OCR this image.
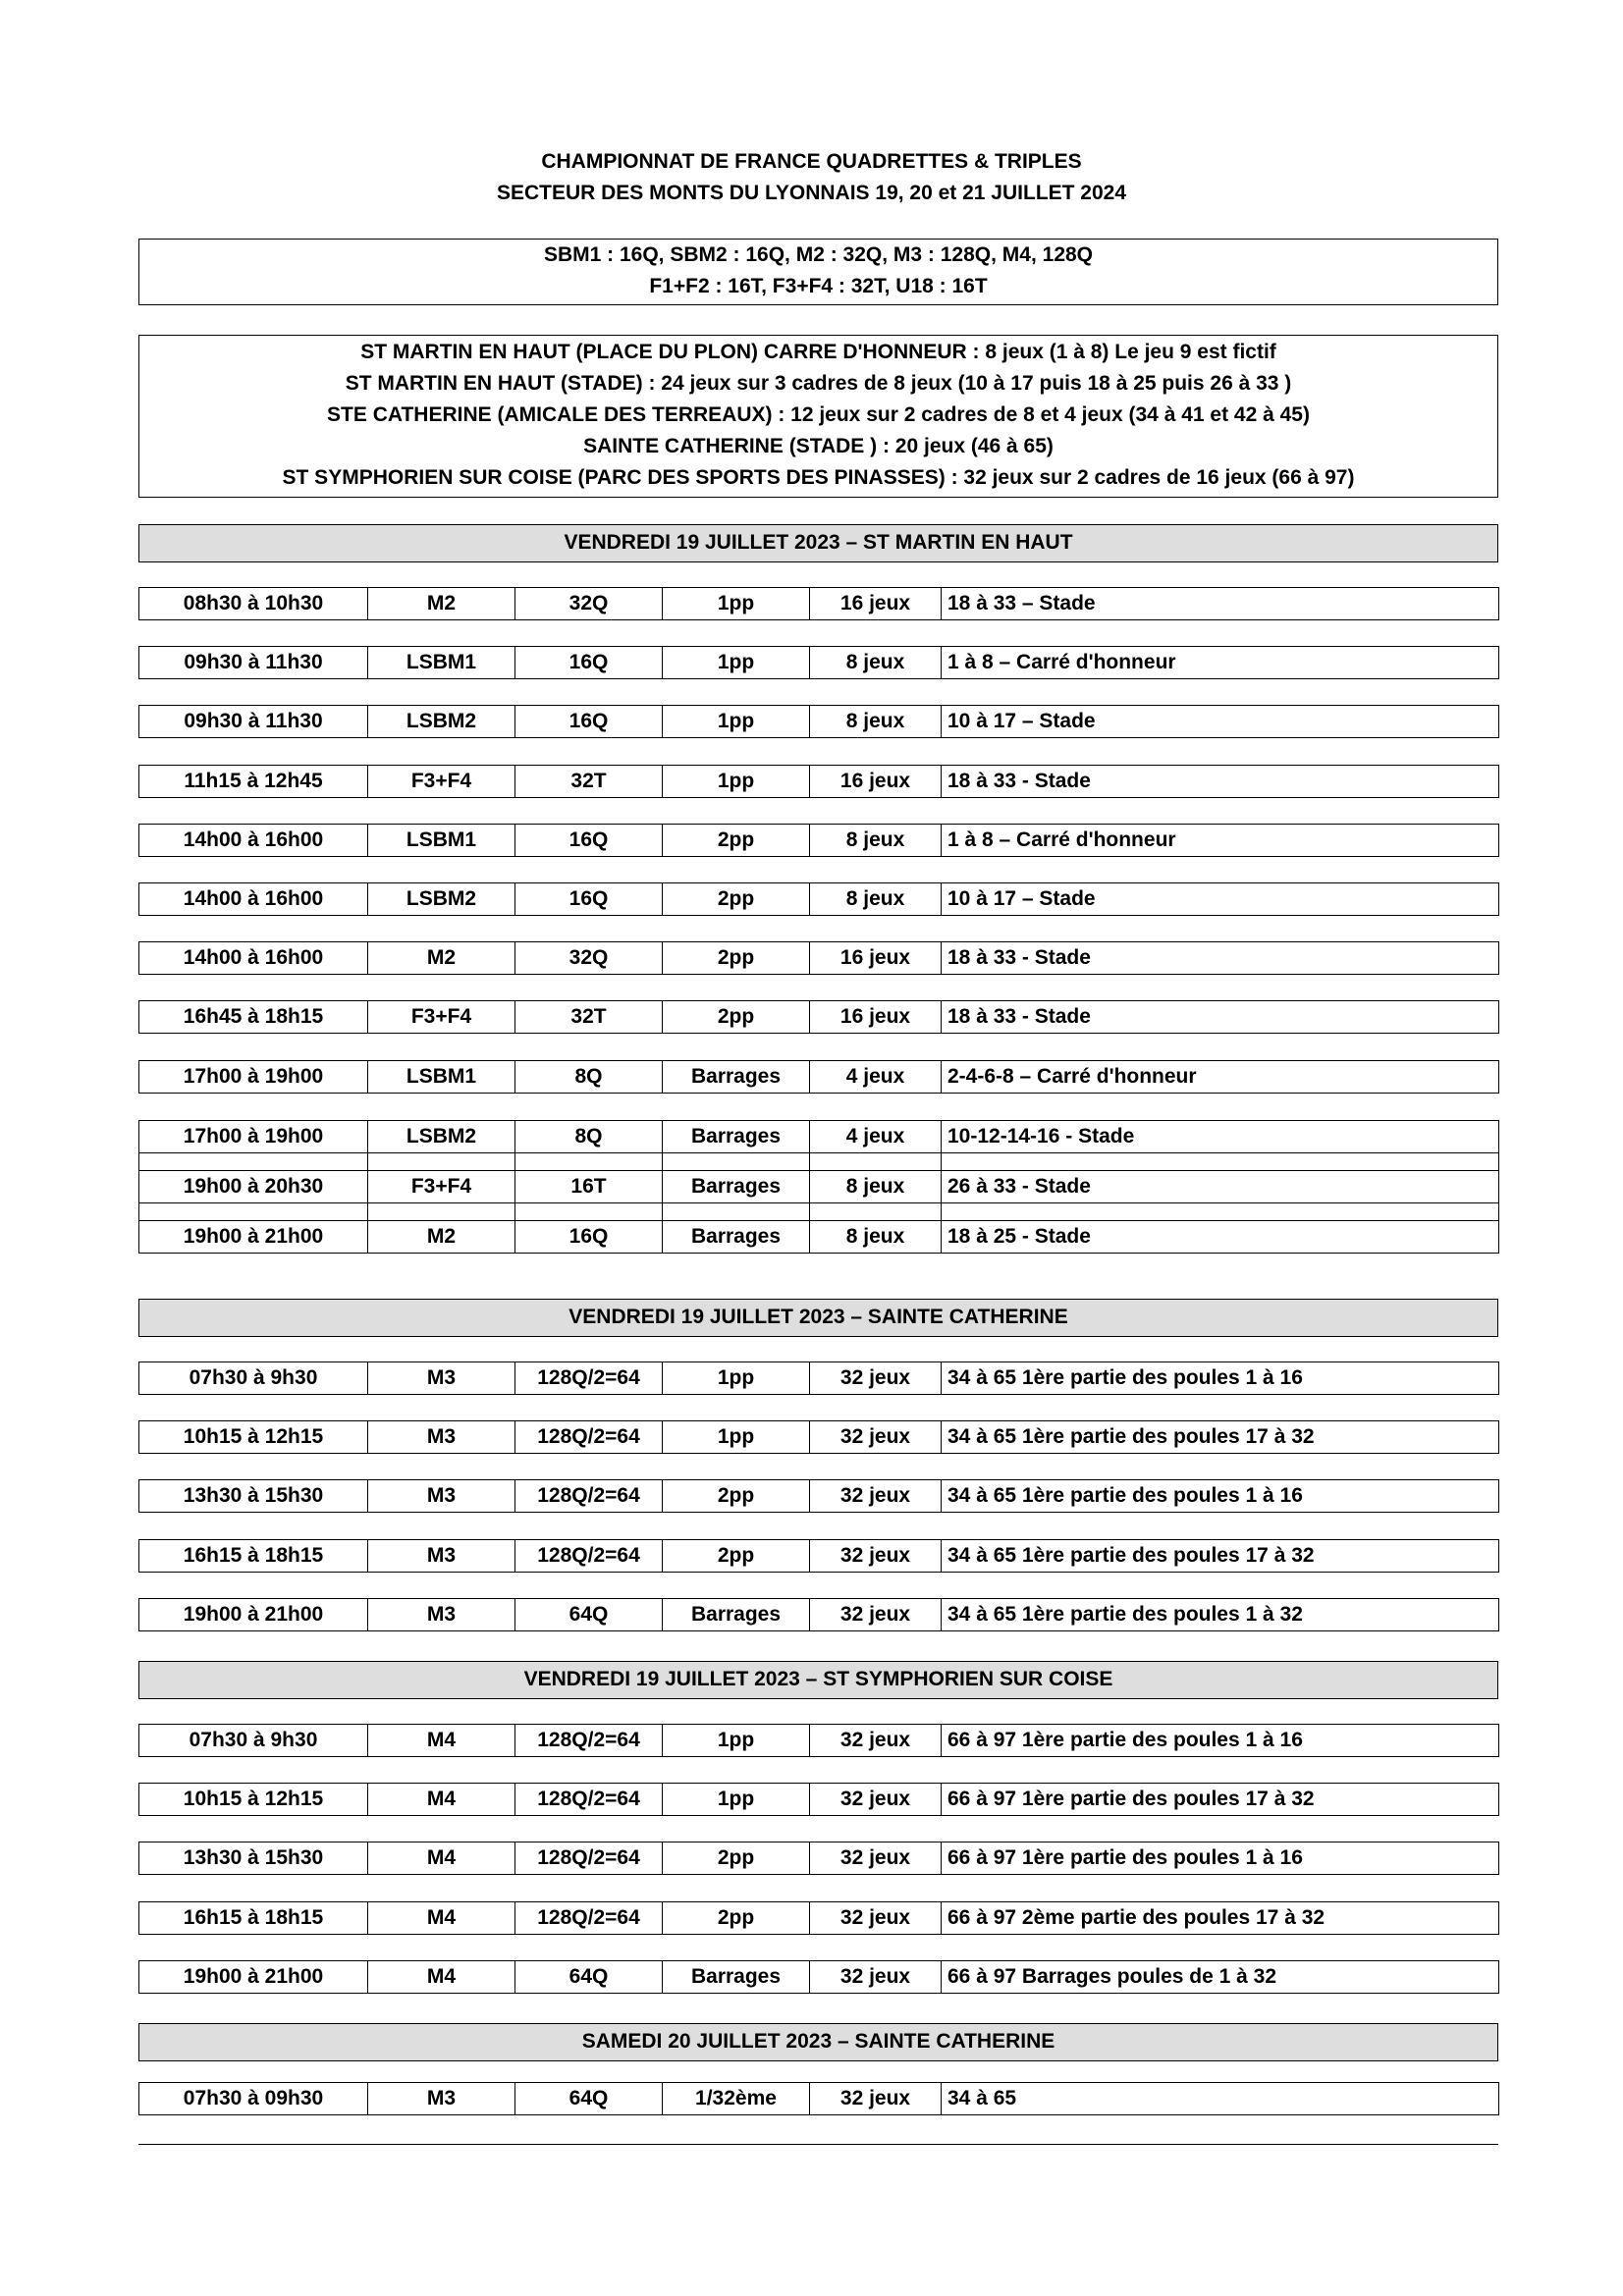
CHAMPIONNAT DE FRANCE QUADRETTES & TRIPLES
SECTEUR DES MONTS DU LYONNAIS 19, 20 et 21 JUILLET 2024
SBM1 : 16Q, SBM2 : 16Q, M2 : 32Q, M3 : 128Q, M4, 128Q
F1+F2 : 16T, F3+F4 : 32T, U18 : 16T
ST MARTIN EN HAUT (PLACE DU PLON) CARRE D'HONNEUR : 8 jeux (1 à 8) Le jeu 9 est fictif
ST MARTIN EN HAUT (STADE) : 24 jeux sur 3 cadres de 8 jeux (10 à 17 puis 18 à 25 puis 26 à 33 )
STE CATHERINE (AMICALE DES TERREAUX) : 12 jeux sur 2 cadres de 8 et 4 jeux (34 à 41 et 42 à 45)
SAINTE CATHERINE (STADE ) : 20 jeux (46 à 65)
ST SYMPHORIEN SUR COISE (PARC DES SPORTS DES PINASSES) : 32 jeux sur 2 cadres de 16 jeux (66 à 97)
VENDREDI 19 JUILLET 2023 – ST MARTIN EN HAUT
08h30 à 10h30	M2	32Q	1pp	16 jeux	18 à 33 – Stade
09h30 à 11h30	LSBM1	16Q	1pp	8 jeux	1 à 8 – Carré d'honneur
09h30 à 11h30	LSBM2	16Q	1pp	8 jeux	10 à 17 – Stade
11h15 à 12h45	F3+F4	32T	1pp	16 jeux	18 à 33 - Stade
14h00 à 16h00	LSBM1	16Q	2pp	8 jeux	1 à 8 – Carré d'honneur
14h00 à 16h00	LSBM2	16Q	2pp	8 jeux	10 à 17 – Stade
14h00 à 16h00	M2	32Q	2pp	16 jeux	18 à 33 - Stade
16h45 à 18h15	F3+F4	32T	2pp	16 jeux	18 à 33 - Stade
17h00 à 19h00	LSBM1	8Q	Barrages	4 jeux	2-4-6-8 – Carré d'honneur
17h00 à 19h00	LSBM2	8Q	Barrages	4 jeux	10-12-14-16 - Stade

19h00 à 20h30	F3+F4	16T	Barrages	8 jeux	26 à 33 - Stade

19h00 à 21h00	M2	16Q	Barrages	8 jeux	18 à 25 - Stade
VENDREDI 19 JUILLET 2023 – SAINTE CATHERINE
07h30 à 9h30	M3	128Q/2=64	1pp	32 jeux	34 à 65 1ère partie des poules 1 à 16
10h15 à 12h15	M3	128Q/2=64	1pp	32 jeux	34 à 65 1ère partie des poules 17 à 32
13h30 à 15h30	M3	128Q/2=64	2pp	32 jeux	34 à 65 1ère partie des poules 1 à 16
16h15 à 18h15	M3	128Q/2=64	2pp	32 jeux	34 à 65 1ère partie des poules 17 à 32
19h00 à 21h00	M3	64Q	Barrages	32 jeux	34 à 65 1ère partie des poules 1 à 32
VENDREDI 19 JUILLET 2023 – ST SYMPHORIEN SUR COISE
07h30 à 9h30	M4	128Q/2=64	1pp	32 jeux	66 à 97 1ère partie des poules 1 à 16
10h15 à 12h15	M4	128Q/2=64	1pp	32 jeux	66 à 97 1ère partie des poules 17 à 32
13h30 à 15h30	M4	128Q/2=64	2pp	32 jeux	66 à 97 1ère partie des poules 1 à 16
16h15 à 18h15	M4	128Q/2=64	2pp	32 jeux	66 à 97 2ème partie des poules 17 à 32
19h00 à 21h00	M4	64Q	Barrages	32 jeux	66 à 97 Barrages poules de 1 à 32
SAMEDI 20 JUILLET 2023 – SAINTE CATHERINE
07h30 à 09h30	M3	64Q	1/32ème	32 jeux	34 à 65
